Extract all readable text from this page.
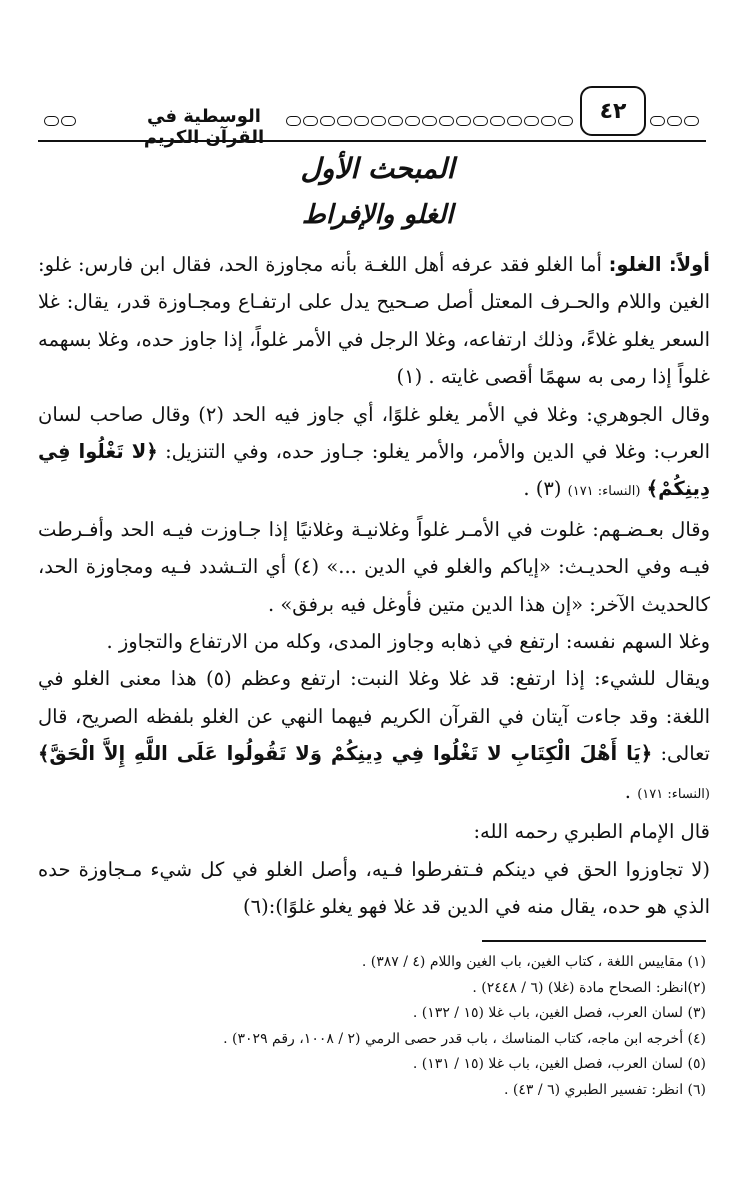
الوسطية في القرآن الكريم
٤٢
المبحث الأول
الغلو والإفراط

أولاً: الغلو: أما الغلو فقد عرفه أهل اللغـة بأنه مجاوزة الحد، فقال ابن فارس: غلو: الغين واللام والحـرف المعتل أصل صـحيح يدل على ارتفـاع ومجـاوزة قدر، يقال: غلا السعر يغلو غلاءً، وذلك ارتفاعه، وغلا الرجل في الأمر غلواً، إذا جاوز حده، وغلا بسهمه غلواً إذا رمى به سهمًا أقصى غايته . (١)

وقال الجوهري: وغلا في الأمر يغلو غلوًا، أي جاوز فيه الحد (٢) وقال صاحب لسان العرب: وغلا في الدين والأمر، والأمر يغلو: جـاوز حده، وفي التنزيل: ﴿لا تَغْلُوا فِي دِينِكُمْ﴾ (النساء: ١٧١) (٣) .

وقال بعـضـهم: غلوت في الأمـر غلواً وغلانيـة وغلانيًا إذا جـاوزت فيـه الحد وأفـرطت فيـه وفي الحديـث: «إياكم والغلو في الدين ...» (٤) أي التـشدد فـيه ومجاوزة الحد، كالحديث الآخر: «إن هذا الدين متين فأوغل فيه برفق» .

وغلا السهم نفسه: ارتفع في ذهابه وجاوز المدى، وكله من الارتفاع والتجاوز .

ويقال للشيء: إذا ارتفع: قد غلا وغلا النبت: ارتفع وعظم (٥) هذا معنى الغلو في اللغة: وقد جاءت آيتان في القرآن الكريم فيهما النهي عن الغلو بلفظه الصريح، قال تعالى: ﴿يَا أَهْلَ الْكِتَابِ لا تَغْلُوا فِي دِينِكُمْ وَلا تَقُولُوا عَلَى اللَّهِ إِلاَّ الْحَقَّ﴾ (النساء: ١٧١) .

قال الإمام الطبري رحمه الله:

(لا تجاوزوا الحق في دينكم فـتفرطوا فـيه، وأصل الغلو في كل شيء مـجاوزة حده الذي هو حده، يقال منه في الدين قد غلا فهو يغلو غلوًا):(٦)

(١) مقاييس اللغة ، كتاب الغين، باب الغين واللام (٤ / ٣٨٧) .
(٢)انظر: الصحاح مادة (غلا) (٦ / ٢٤٤٨) .
(٣) لسان العرب، فصل الغين، باب غلا (١٥ / ١٣٢) .
(٤) أخرجه ابن ماجه، كتاب المناسك ، باب قدر حصى الرمي (٢ / ١٠٠٨، رقم ٣٠٢٩) .
(٥) لسان العرب، فصل الغين، باب غلا (١٥ / ١٣١) .
(٦) انظر: تفسير الطبري (٦ / ٤٣) .
